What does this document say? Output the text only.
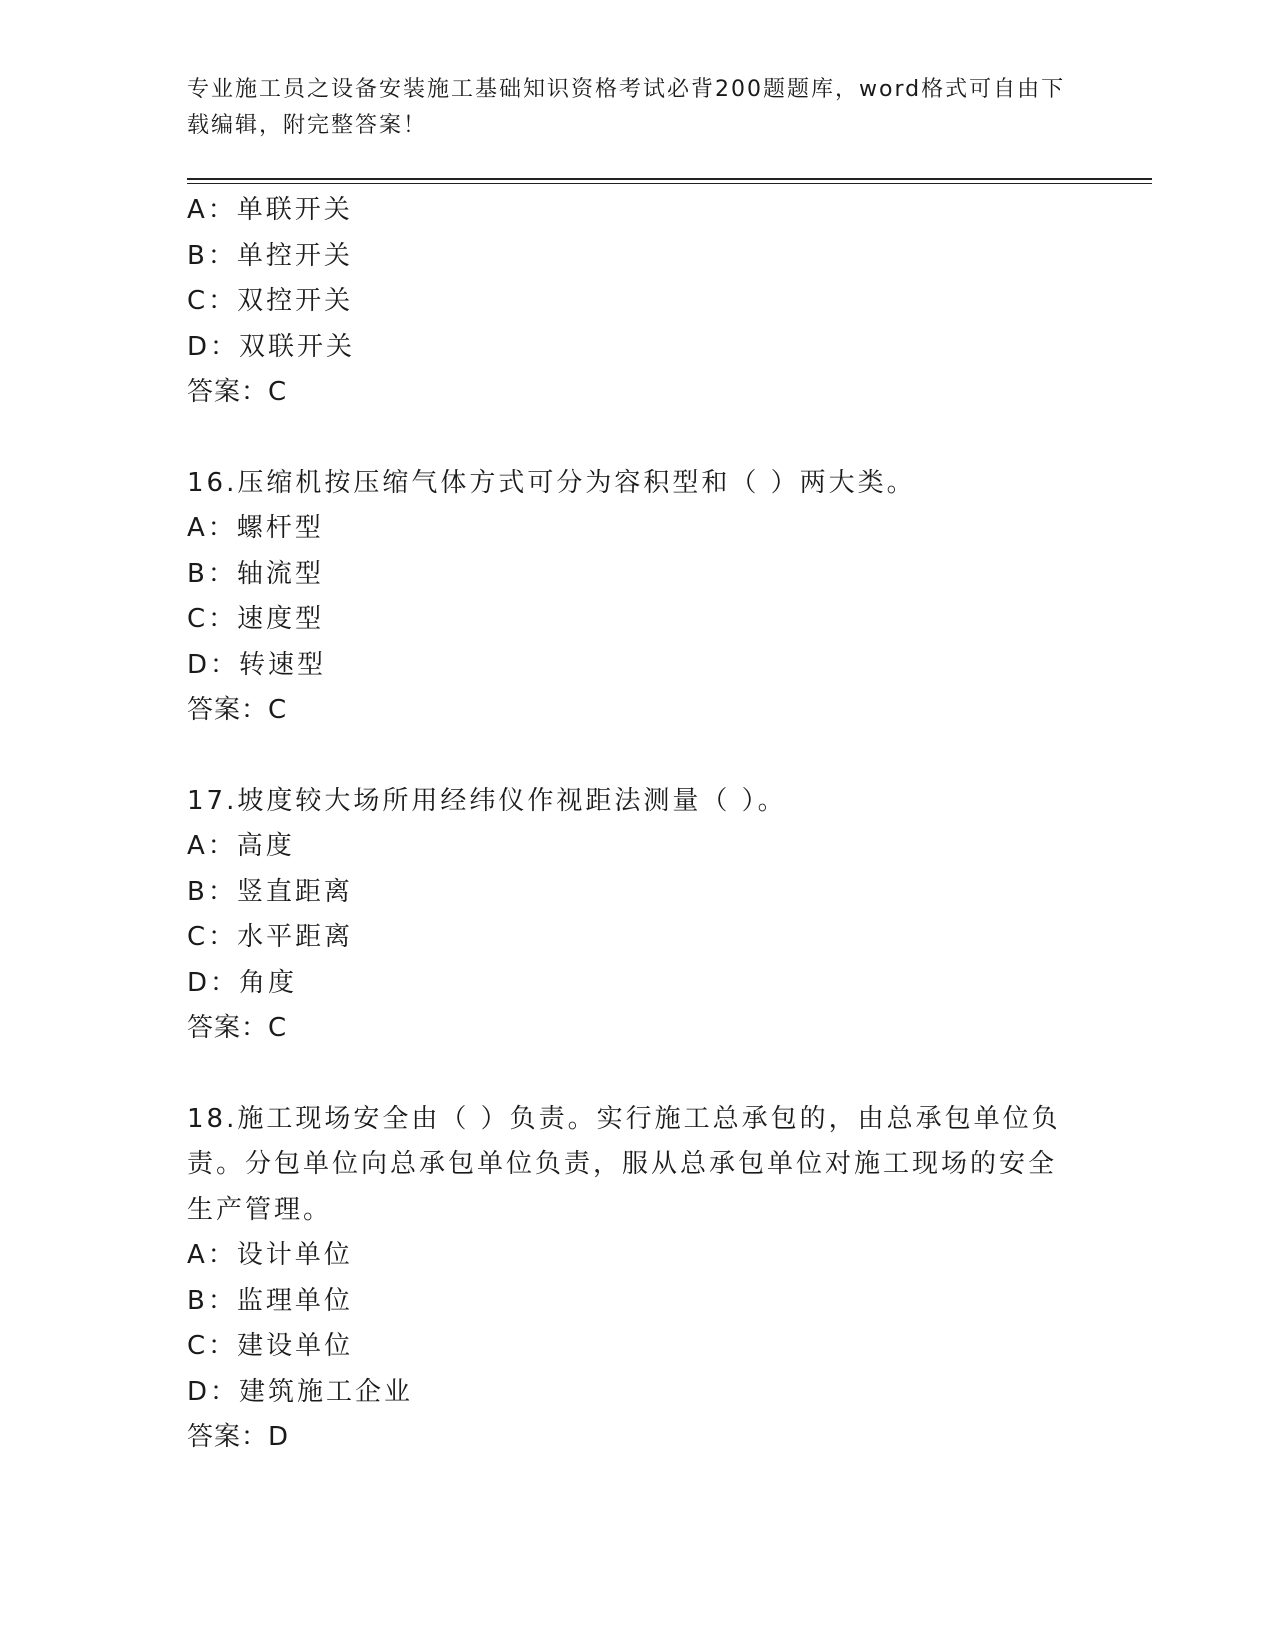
专业施工员之设备安装施工基础知识资格考试必背200题题库，word格式可自由下载编辑，附完整答案！
A：单联开关
B：单控开关
C：双控开关
D：双联开关
答案：C
16.压缩机按压缩气体方式可分为容积型和（ ）两大类。
A：螺杆型
B：轴流型
C：速度型
D：转速型
答案：C
17.坡度较大场所用经纬仪作视距法测量（ ）。
A：高度
B：竖直距离
C：水平距离
D：角度
答案：C
18.施工现场安全由（ ）负责。实行施工总承包的，由总承包单位负责。分包单位向总承包单位负责，服从总承包单位对施工现场的安全生产管理。
A：设计单位
B：监理单位
C：建设单位
D：建筑施工企业
答案：D
